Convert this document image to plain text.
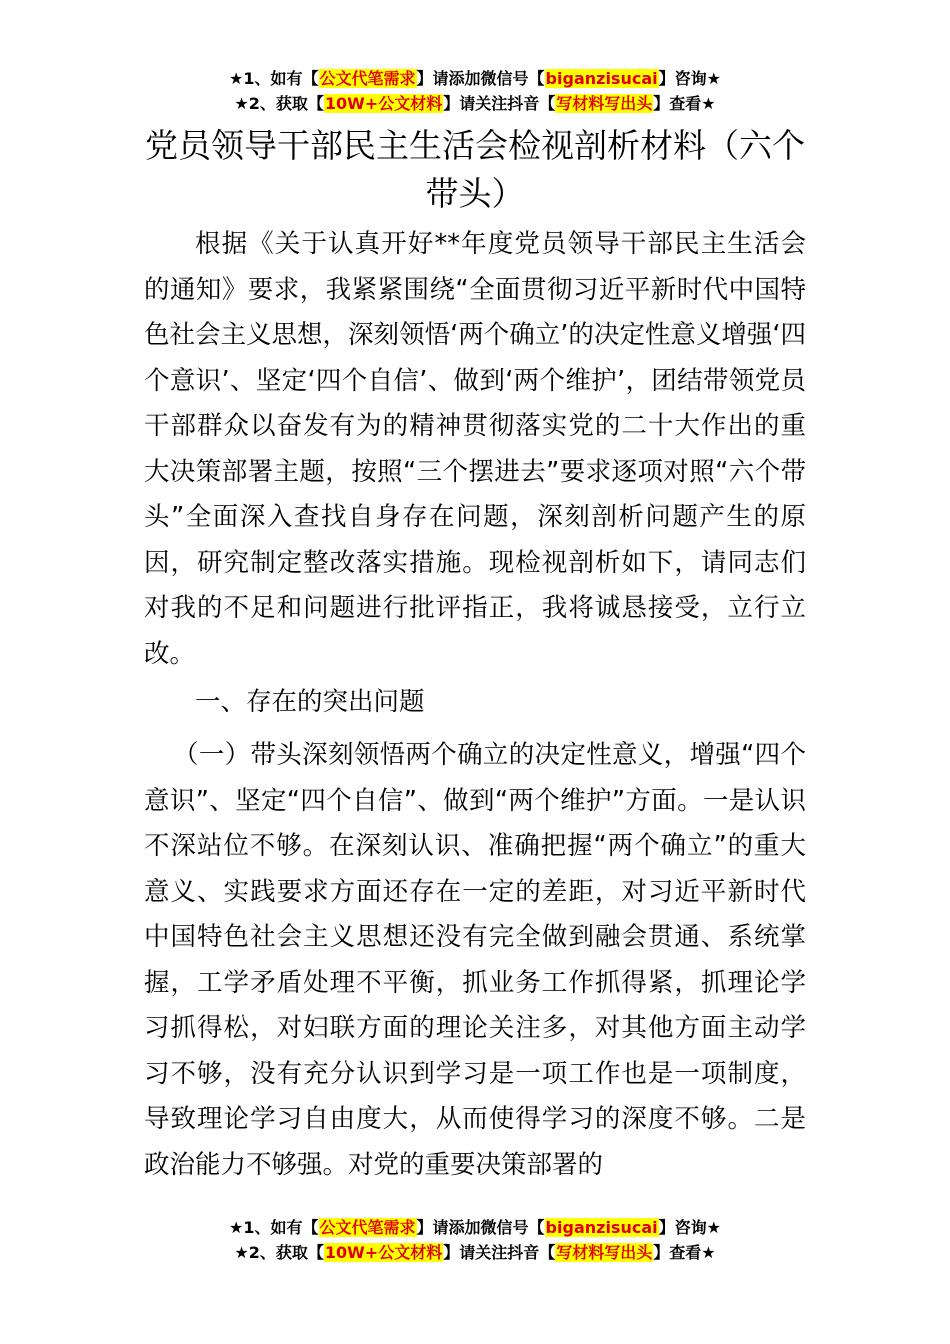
★1、如有【公文代笔需求】请添加微信号【biganzisucai】咨询★
★2、获取【10W+公文材料】请关注抖音【写材料写出头】查看★
党员领导干部民主生活会检视剖析材料（六个带头）

根据《关于认真开好**年度党员领导干部民主生活会的通知》要求，我紧紧围绕“全面贯彻习近平新时代中国特色社会主义思想，深刻领悟‘两个确立’的决定性意义增强‘四个意识’、坚定‘四个自信’、做到‘两个维护’，团结带领党员干部群众以奋发有为的精神贯彻落实党的二十大作出的重大决策部署主题，按照“三个摆进去”要求逐项对照“六个带头”全面深入查找自身存在问题，深刻剖析问题产生的原因，研究制定整改落实措施。现检视剖析如下，请同志们对我的不足和问题进行批评指正，我将诚恳接受，立行立改。

一、存在的突出问题

（一）带头深刻领悟两个确立的决定性意义，增强“四个意识”、坚定“四个自信”、做到“两个维护”方面。一是认识不深站位不够。在深刻认识、准确把握“两个确立”的重大意义、实践要求方面还存在一定的差距，对习近平新时代中国特色社会主义思想还没有完全做到融会贯通、系统掌握，工学矛盾处理不平衡，抓业务工作抓得紧，抓理论学习抓得松，对妇联方面的理论关注多，对其他方面主动学习不够，没有充分认识到学习是一项工作也是一项制度，导致理论学习自由度大，从而使得学习的深度不够。二是政治能力不够强。对党的重要决策部署的

★1、如有【公文代笔需求】请添加微信号【biganzisucai】咨询★
★2、获取【10W+公文材料】请关注抖音【写材料写出头】查看★
